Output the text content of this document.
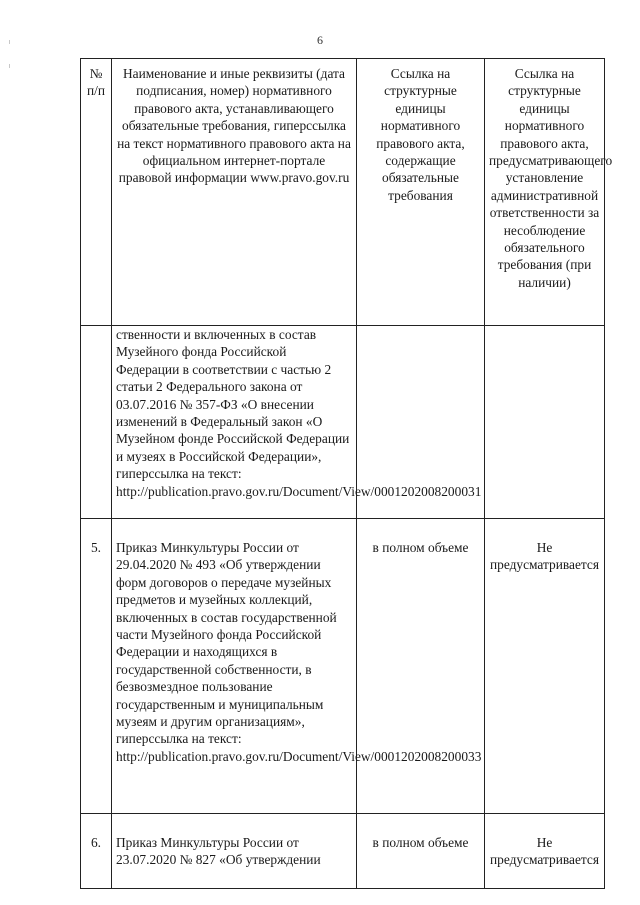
6
№
п/п	Наименование и иные реквизиты (дата подписания, номер) нормативного правового акта, устанавливающего обязательные требования, гиперссылка на текст нормативного правового акта на официальном интернет-портале правовой информации www.pravo.gov.ru	Ссылка на структурные единицы нормативного правового акта, содержащие обязательные требования	Ссылка на структурные единицы нормативного правового акта, предусматривающего установление административной ответственности за несоблюдение обязательного требования (при наличии)

	ственности и включенных в состав Музейного фонда Российской Федерации в соответствии с частью 2 статьи 2 Федерального закона от 03.07.2016 № 357-ФЗ «О внесении изменений в Федеральный закон «О Музейном фонде Российской Федерации и музеях в Российской Федерации», гиперссылка на текст: http://publication.pravo.gov.ru/Document/View/0001202008200031		

5.	Приказ Минкультуры России от 29.04.2020 № 493 «Об утверждении форм договоров о передаче музейных предметов и музейных коллекций, включенных в состав государственной части Музейного фонда Российской Федерации и находящихся в государственной собственности, в безвозмездное пользование государственным и муниципальным музеям и другим организациям», гиперссылка на текст: http://publication.pravo.gov.ru/Document/View/0001202008200033	в полном объеме	Не предусматривается

6.	Приказ Минкультуры России от 23.07.2020 № 827 «Об утверждении	в полном объеме	Не предусматривается
